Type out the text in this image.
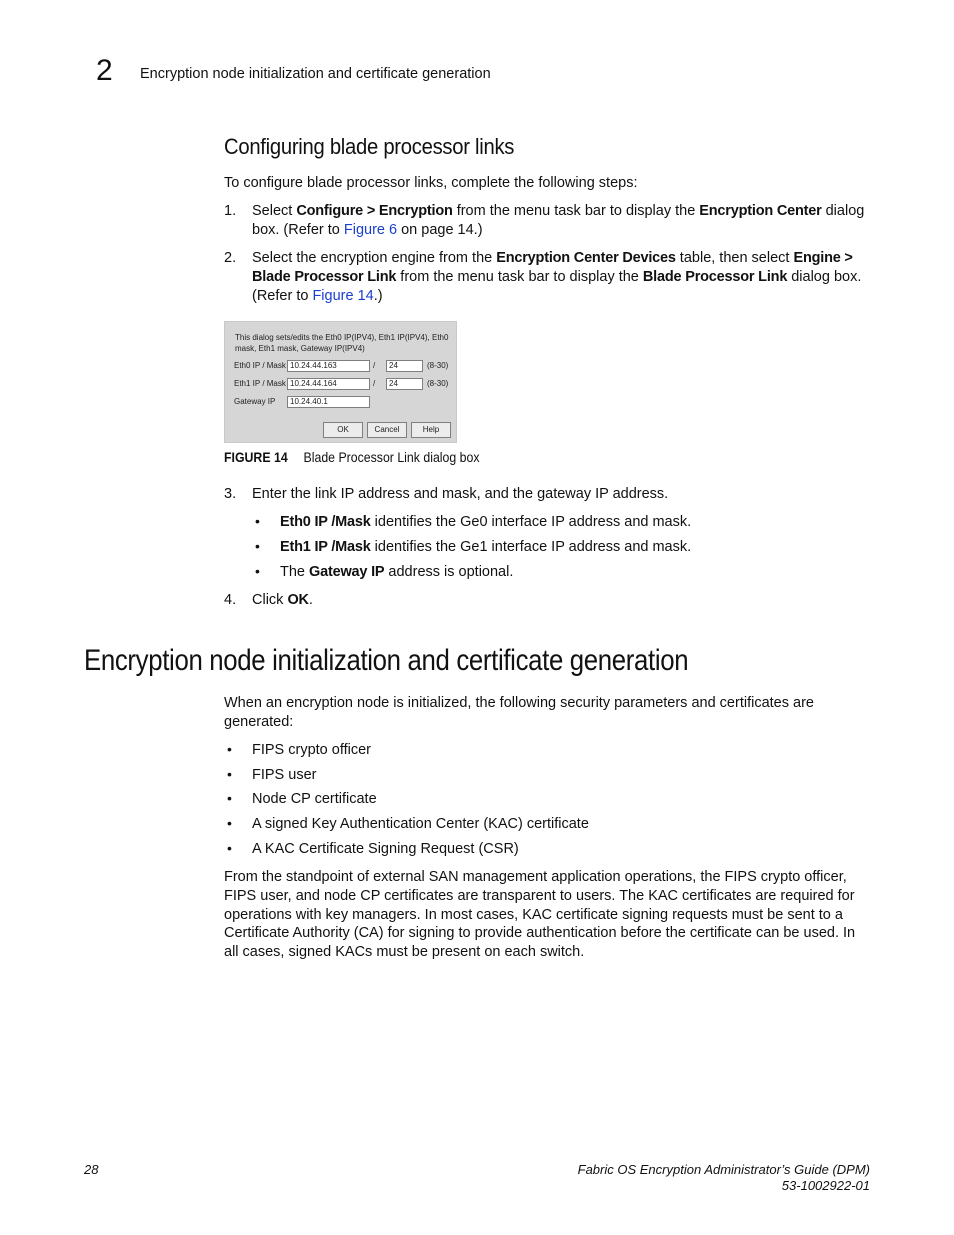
2 Encryption node initialization and certificate generation
Configuring blade processor links
To configure blade processor links, complete the following steps:
1. Select Configure > Encryption from the menu task bar to display the Encryption Center dialog box. (Refer to Figure 6 on page 14.)
2. Select the encryption engine from the Encryption Center Devices table, then select Engine > Blade Processor Link from the menu task bar to display the Blade Processor Link dialog box. (Refer to Figure 14.)
This dialog sets/edits the Eth0 IP(IPV4), Eth1 IP(IPV4), Eth0 mask, Eth1 mask, Gateway IP(IPV4)
Eth0 IP / Mask 10.24.44.163	/	24	(8-30)
Eth1 IP / Mask 10.24.44.164	/	24	(8-30)
Gateway IP	10.24.40.1
OK	Cancel	Help
FIGURE 14 Blade Processor Link dialog box
3. Enter the link IP address and mask, and the gateway IP address.
• Eth0 IP /Mask identifies the Ge0 interface IP address and mask.
• Eth1 IP /Mask identifies the Ge1 interface IP address and mask.
• The Gateway IP address is optional.
4. Click OK.
Encryption node initialization and certificate generation
When an encryption node is initialized, the following security parameters and certificates are generated:
• FIPS crypto officer
• FIPS user
• Node CP certificate
• A signed Key Authentication Center (KAC) certificate
• A KAC Certificate Signing Request (CSR)
From the standpoint of external SAN management application operations, the FIPS crypto officer, FIPS user, and node CP certificates are transparent to users. The KAC certificates are required for operations with key managers. In most cases, KAC certificate signing requests must be sent to a Certificate Authority (CA) for signing to provide authentication before the certificate can be used. In all cases, signed KACs must be present on each switch.
28	Fabric OS Encryption Administrator’s Guide (DPM)
53-1002922-01
